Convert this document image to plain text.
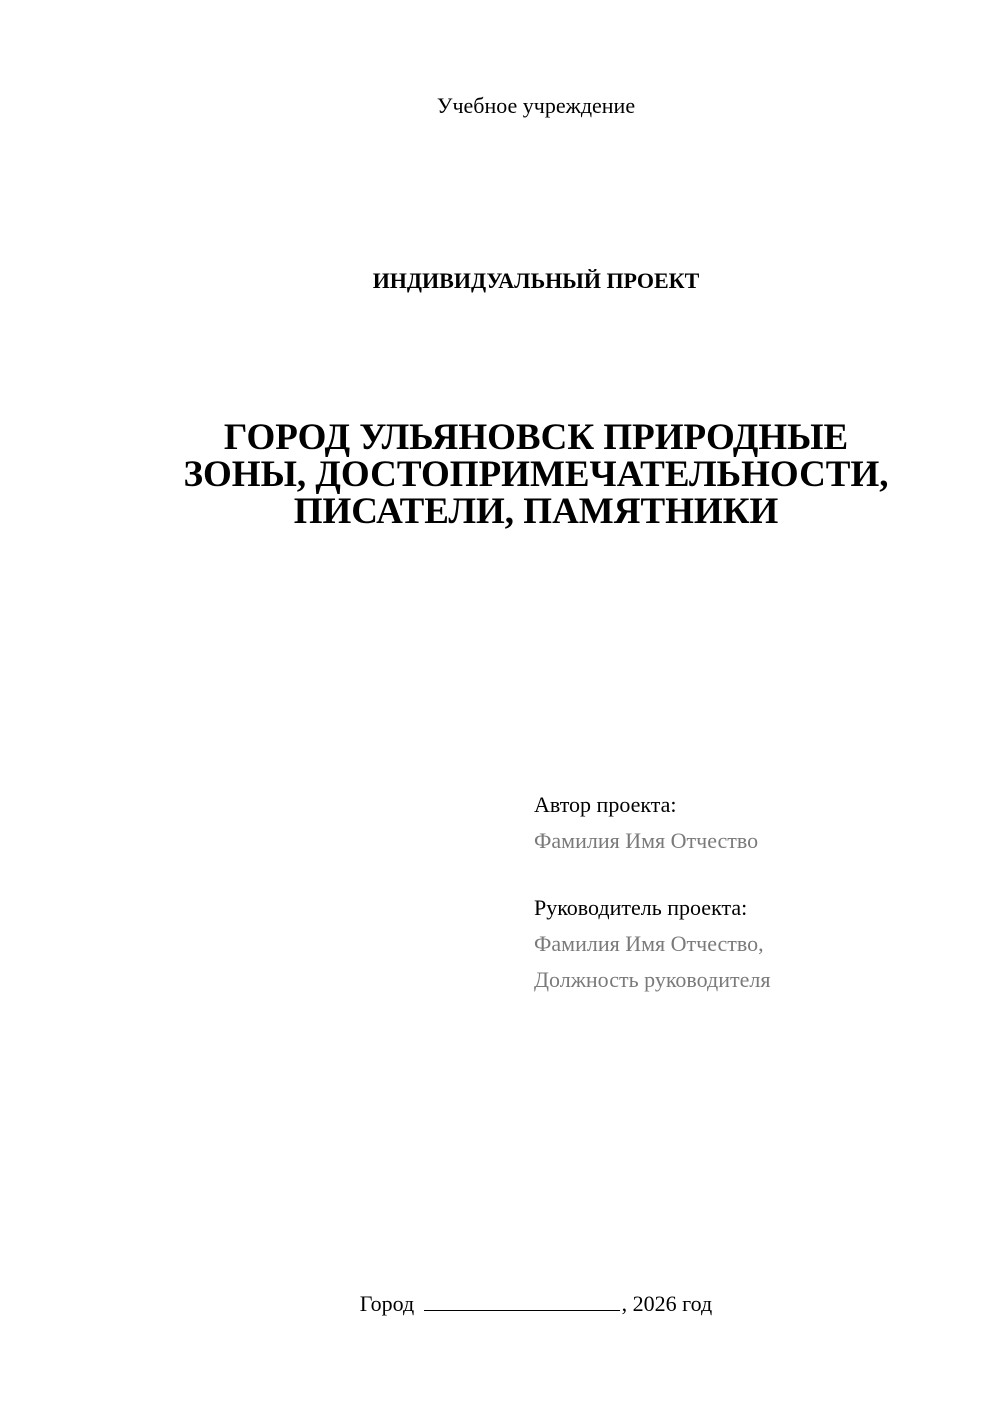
Учебное учреждение
ИНДИВИДУАЛЬНЫЙ ПРОЕКТ
ГОРОД УЛЬЯНОВСК ПРИРОДНЫЕ
ЗОНЫ, ДОСТОПРИМЕЧАТЕЛЬНОСТИ,
ПИСАТЕЛИ, ПАМЯТНИКИ
Автор проекта:
Фамилия Имя Отчество
Руководитель проекта:
Фамилия Имя Отчество,
Должность руководителя
Город	, 2026 год
